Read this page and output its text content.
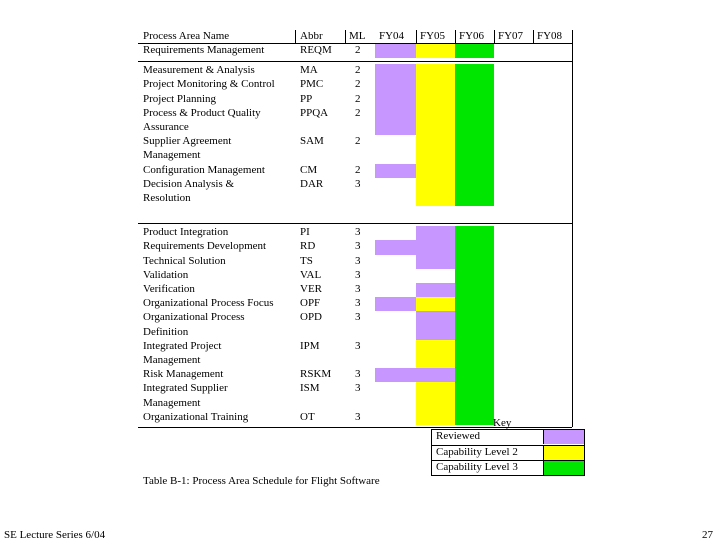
Process Area Name	Abbr ML FY04 FY05 FY06 FY07 FY08
Requirements Management	REQM 2
Measurement & Analysis	MA	2
Project Monitoring & Control PMC	2
Project Planning	PP	2
Process & Product Quality
Assurance
PPQA 2
Supplier Agreement
Management
SAM	2
Configuration Management	CM	2
Decision Analysis &
Resolution
DAR	3
Product Integration	PI	3
Requirements Development	RD	3
Technical Solution	TS	3
Validation	VAL	3
Verification	VER	3
Organizational Process Focus OPF	3
Organizational Process
Definition
OPD	3
Integrated Project
Management
IPM	3
Risk Management	RSKM 3
Integrated Supplier
Management
ISM	3
Organizational Training	OT	3
Key
Reviewed
Capability Level 2
Capability Level 3
Table B-1: Process Area Schedule for Flight Software
SE Lecture Series 6/04	27
